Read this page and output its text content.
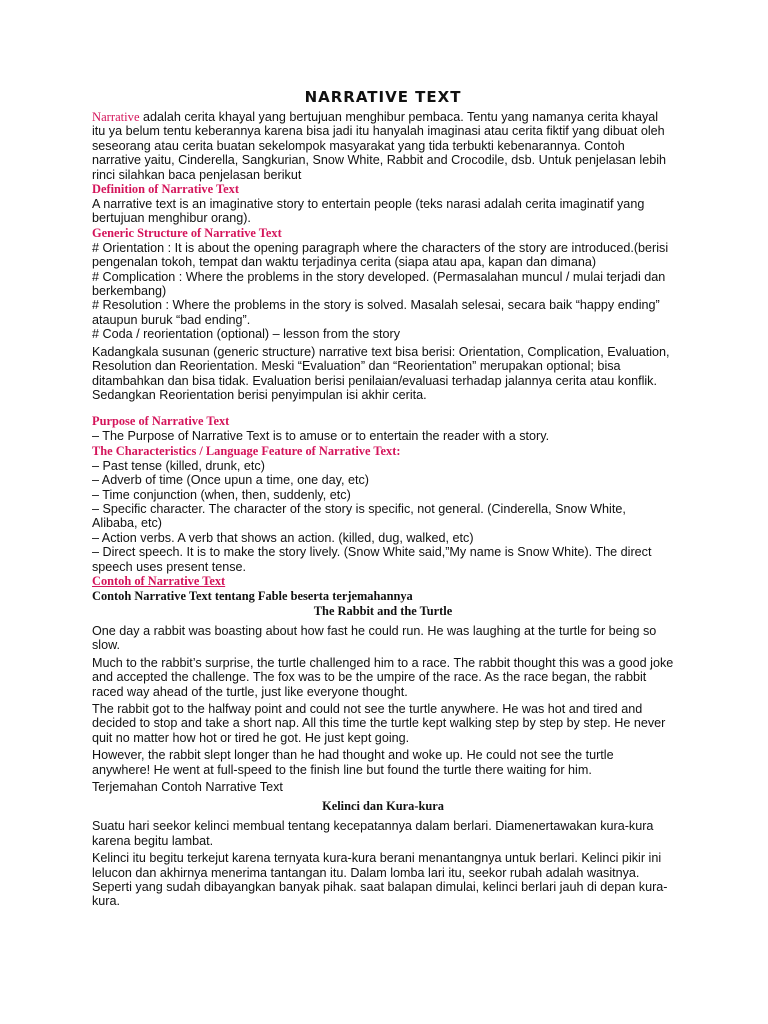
NARRATIVE TEXT

Narrative adalah cerita khayal yang bertujuan menghibur pembaca. Tentu yang namanya cerita khayal itu ya belum tentu keberannya karena bisa jadi itu hanyalah imaginasi atau cerita fiktif yang dibuat oleh seseorang atau cerita buatan sekelompok masyarakat yang tida terbukti kebenarannya. Contoh narrative yaitu, Cinderella, Sangkurian, Snow White, Rabbit and Crocodile, dsb. Untuk penjelasan lebih rinci silahkan baca penjelasan berikut

Definition of Narrative Text

A narrative text is an imaginative story to entertain people (teks narasi adalah cerita imaginatif yang bertujuan menghibur orang).

Generic Structure of Narrative Text

# Orientation : It is about the opening paragraph where the characters of the story are introduced.(berisi pengenalan tokoh, tempat dan waktu terjadinya cerita (siapa atau apa, kapan dan dimana)

# Complication : Where the problems in the story developed. (Permasalahan muncul / mulai terjadi dan berkembang)

# Resolution : Where the problems in the story is solved. Masalah selesai, secara baik “happy ending” ataupun buruk “bad ending”.

# Coda / reorientation (optional) – lesson from the story

Kadangkala susunan (generic structure) narrative text bisa berisi: Orientation, Complication, Evaluation, Resolution dan Reorientation. Meski “Evaluation” dan “Reorientation” merupakan optional; bisa ditambahkan dan bisa tidak. Evaluation berisi penilaian/evaluasi terhadap jalannya cerita atau konflik. Sedangkan Reorientation berisi penyimpulan isi akhir cerita.

Purpose of Narrative Text

– The Purpose of Narrative Text is to amuse or to entertain the reader with a story.

The Characteristics / Language Feature of Narrative Text:

– Past tense (killed, drunk, etc)

– Adverb of time (Once upun a time, one day, etc)

– Time conjunction (when, then, suddenly, etc)

– Specific character. The character of the story is specific, not general. (Cinderella, Snow White, Alibaba, etc)

– Action verbs. A verb that shows an action. (killed, dug, walked, etc)

– Direct speech. It is to make the story lively. (Snow White said,”My name is Snow White). The direct speech uses present tense.

Contoh of Narrative Text
Contoh Narrative Text tentang Fable beserta terjemahannya
The Rabbit and the Turtle

One day a rabbit was boasting about how fast he could run. He was laughing at the turtle for being so slow.

Much to the rabbit’s surprise, the turtle challenged him to a race. The rabbit thought this was a good joke and accepted the challenge. The fox was to be the umpire of the race. As the race began, the rabbit raced way ahead of the turtle, just like everyone thought.

The rabbit got to the halfway point and could not see the turtle anywhere. He was hot and tired and decided to stop and take a short nap. All this time the turtle kept walking step by step by step. He never quit no matter how hot or tired he got. He just kept going.

However, the rabbit slept longer than he had thought and woke up. He could not see the turtle anywhere! He went at full-speed to the finish line but found the turtle there waiting for him.

Terjemahan Contoh Narrative Text

Kelinci dan Kura-kura

Suatu hari seekor kelinci membual tentang kecepatannya dalam berlari. Diamenertawakan kura-kura karena begitu lambat.

Kelinci itu begitu terkejut karena ternyata kura-kura berani menantangnya untuk berlari. Kelinci pikir ini lelucon dan akhirnya menerima tantangan itu. Dalam lomba lari itu, seekor rubah adalah wasitnya. Seperti yang sudah dibayangkan banyak pihak. saat balapan dimulai, kelinci berlari jauh di depan kura-kura.
